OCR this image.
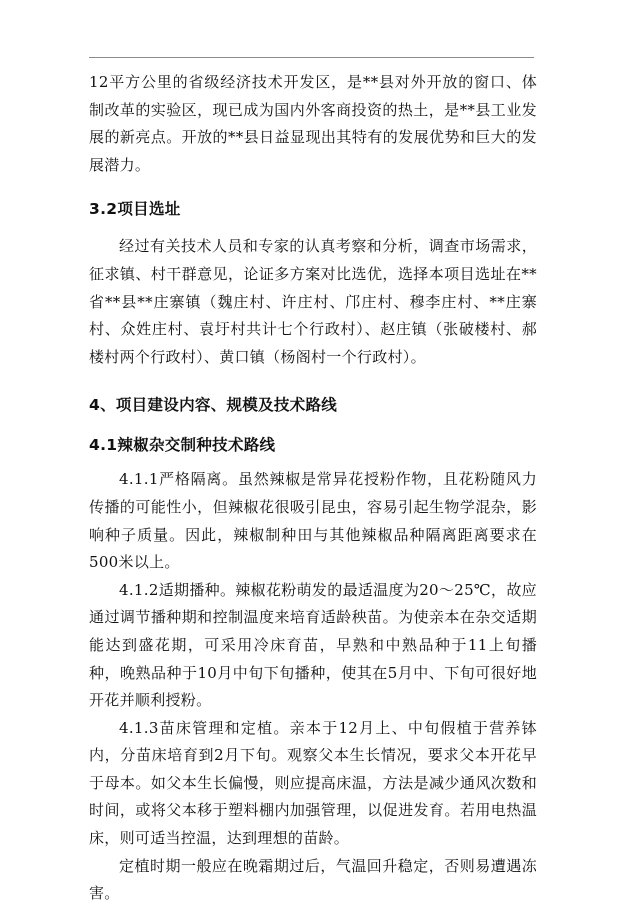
12平方公里的省级经济技术开发区，是**县对外开放的窗口、体制改革的实验区，现已成为国内外客商投资的热土，是**县工业发展的新亮点。开放的**县日益显现出其特有的发展优势和巨大的发展潜力。

3.2项目选址

经过有关技术人员和专家的认真考察和分析，调查市场需求，征求镇、村干群意见，论证多方案对比选优，选择本项目选址在**省**县**庄寨镇（魏庄村、许庄村、邝庄村、穆李庄村、**庄寨村、众姓庄村、袁圩村共计七个行政村）、赵庄镇（张破楼村、郝楼村两个行政村）、黄口镇（杨阁村一个行政村）。

4、项目建设内容、规模及技术路线
4.1辣椒杂交制种技术路线

4.1.1严格隔离。虽然辣椒是常异花授粉作物，且花粉随风力传播的可能性小，但辣椒花很吸引昆虫，容易引起生物学混杂，影响种子质量。因此，辣椒制种田与其他辣椒品种隔离距离要求在500米以上。

4.1.2适期播种。辣椒花粉萌发的最适温度为20～25℃，故应通过调节播种期和控制温度来培育适龄秧苗。为使亲本在杂交适期能达到盛花期，可采用冷床育苗，早熟和中熟品种于11上旬播种，晚熟品种于10月中旬下旬播种，使其在5月中、下旬可很好地开花并顺利授粉。

4.1.3苗床管理和定植。亲本于12月上、中旬假植于营养钵内，分苗床培育到2月下旬。观察父本生长情况，要求父本开花早于母本。如父本生长偏慢，则应提高床温，方法是减少通风次数和时间，或将父本移于塑料棚内加强管理，以促进发育。若用电热温床，则可适当控温，达到理想的苗龄。

定植时期一般应在晚霜期过后，气温回升稳定，否则易遭遇冻害。
